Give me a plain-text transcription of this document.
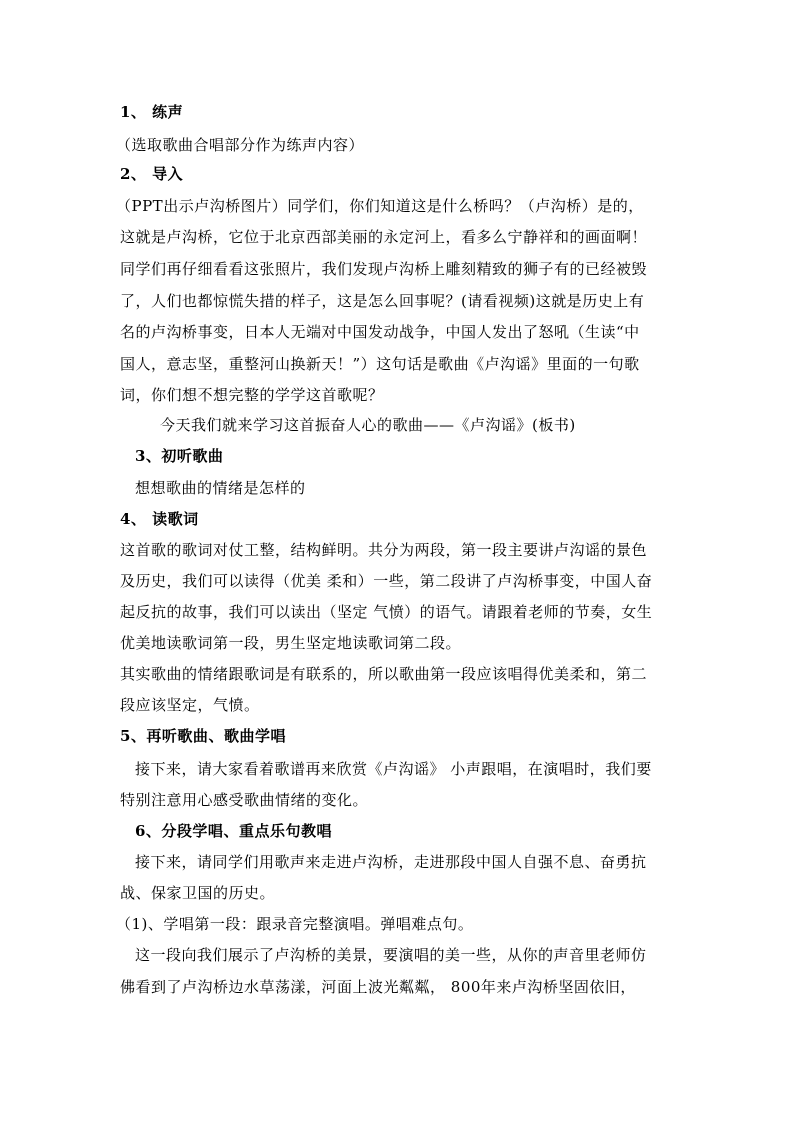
1、 练声
（选取歌曲合唱部分作为练声内容）
2、 导入
（PPT出示卢沟桥图片）同学们，你们知道这是什么桥吗？（卢沟桥）是的，
这就是卢沟桥，它位于北京西部美丽的永定河上，看多么宁静祥和的画面啊！
同学们再仔细看看这张照片，我们发现卢沟桥上雕刻精致的狮子有的已经被毁
了，人们也都惊慌失措的样子，这是怎么回事呢？(请看视频)这就是历史上有
名的卢沟桥事变，日本人无端对中国发动战争，中国人发出了怒吼（生读“中
国人，意志坚，重整河山换新天！”）这句话是歌曲《卢沟谣》里面的一句歌
词，你们想不想完整的学学这首歌呢？
今天我们就来学习这首振奋人心的歌曲——《卢沟谣》(板书)
3、初听歌曲
想想歌曲的情绪是怎样的
4、 读歌词
这首歌的歌词对仗工整，结构鲜明。共分为两段，第一段主要讲卢沟谣的景色
及历史，我们可以读得（优美 柔和）一些，第二段讲了卢沟桥事变，中国人奋
起反抗的故事，我们可以读出（坚定 气愤）的语气。请跟着老师的节奏，女生
优美地读歌词第一段，男生坚定地读歌词第二段。
其实歌曲的情绪跟歌词是有联系的，所以歌曲第一段应该唱得优美柔和，第二
段应该坚定，气愤。
5、再听歌曲、歌曲学唱
接下来，请大家看着歌谱再来欣赏《卢沟谣》 小声跟唱，在演唱时，我们要
特别注意用心感受歌曲情绪的变化。
6、分段学唱、重点乐句教唱
接下来，请同学们用歌声来走进卢沟桥，走进那段中国人自强不息、奋勇抗
战、保家卫国的历史。
（1)、学唱第一段：跟录音完整演唱。弹唱难点句。
这一段向我们展示了卢沟桥的美景，要演唱的美一些，从你的声音里老师仿
佛看到了卢沟桥边水草荡漾，河面上波光粼粼， 800年来卢沟桥坚固依旧，
